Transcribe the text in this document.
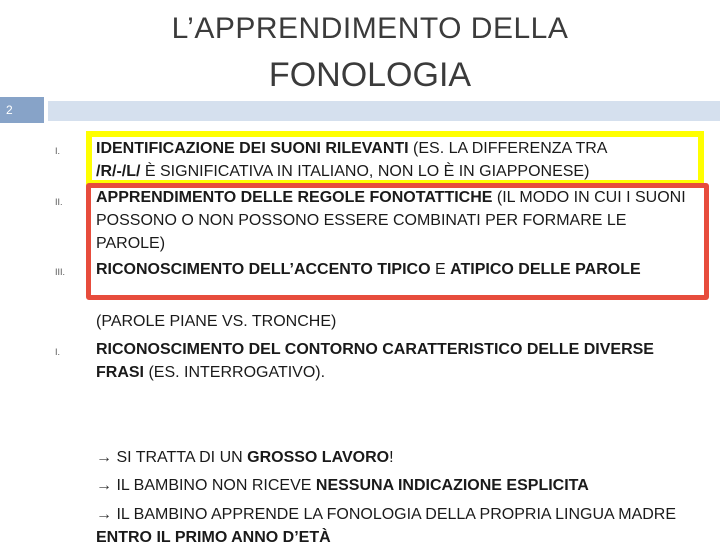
L’APPRENDIMENTO DELLA
FONOLOGIA
2
I. IDENTIFICAZIONE DEI SUONI RILEVANTI (ES. LA DIFFERENZA TRA
/R/-/L/ È SIGNIFICATIVA IN ITALIANO, NON LO È IN GIAPPONESE)
II. APPRENDIMENTO DELLE REGOLE FONOTATTICHE (IL MODO IN CUI I SUONI POSSONO O NON POSSONO ESSERE COMBINATI PER FORMARE LE PAROLE)
III. RICONOSCIMENTO DELL’ACCENTO TIPICO E ATIPICO DELLE PAROLE
(PAROLE PIANE VS. TRONCHE)
I. RICONOSCIMENTO DEL CONTORNO CARATTERISTICO DELLE DIVERSE FRASI (ES. INTERROGATIVO).
→ SI TRATTA DI UN GROSSO LAVORO!
→ IL BAMBINO NON RICEVE NESSUNA INDICAZIONE ESPLICITA
→ IL BAMBINO APPRENDE LA FONOLOGIA DELLA PROPRIA LINGUA MADRE ENTRO IL PRIMO ANNO D’ETÀ
